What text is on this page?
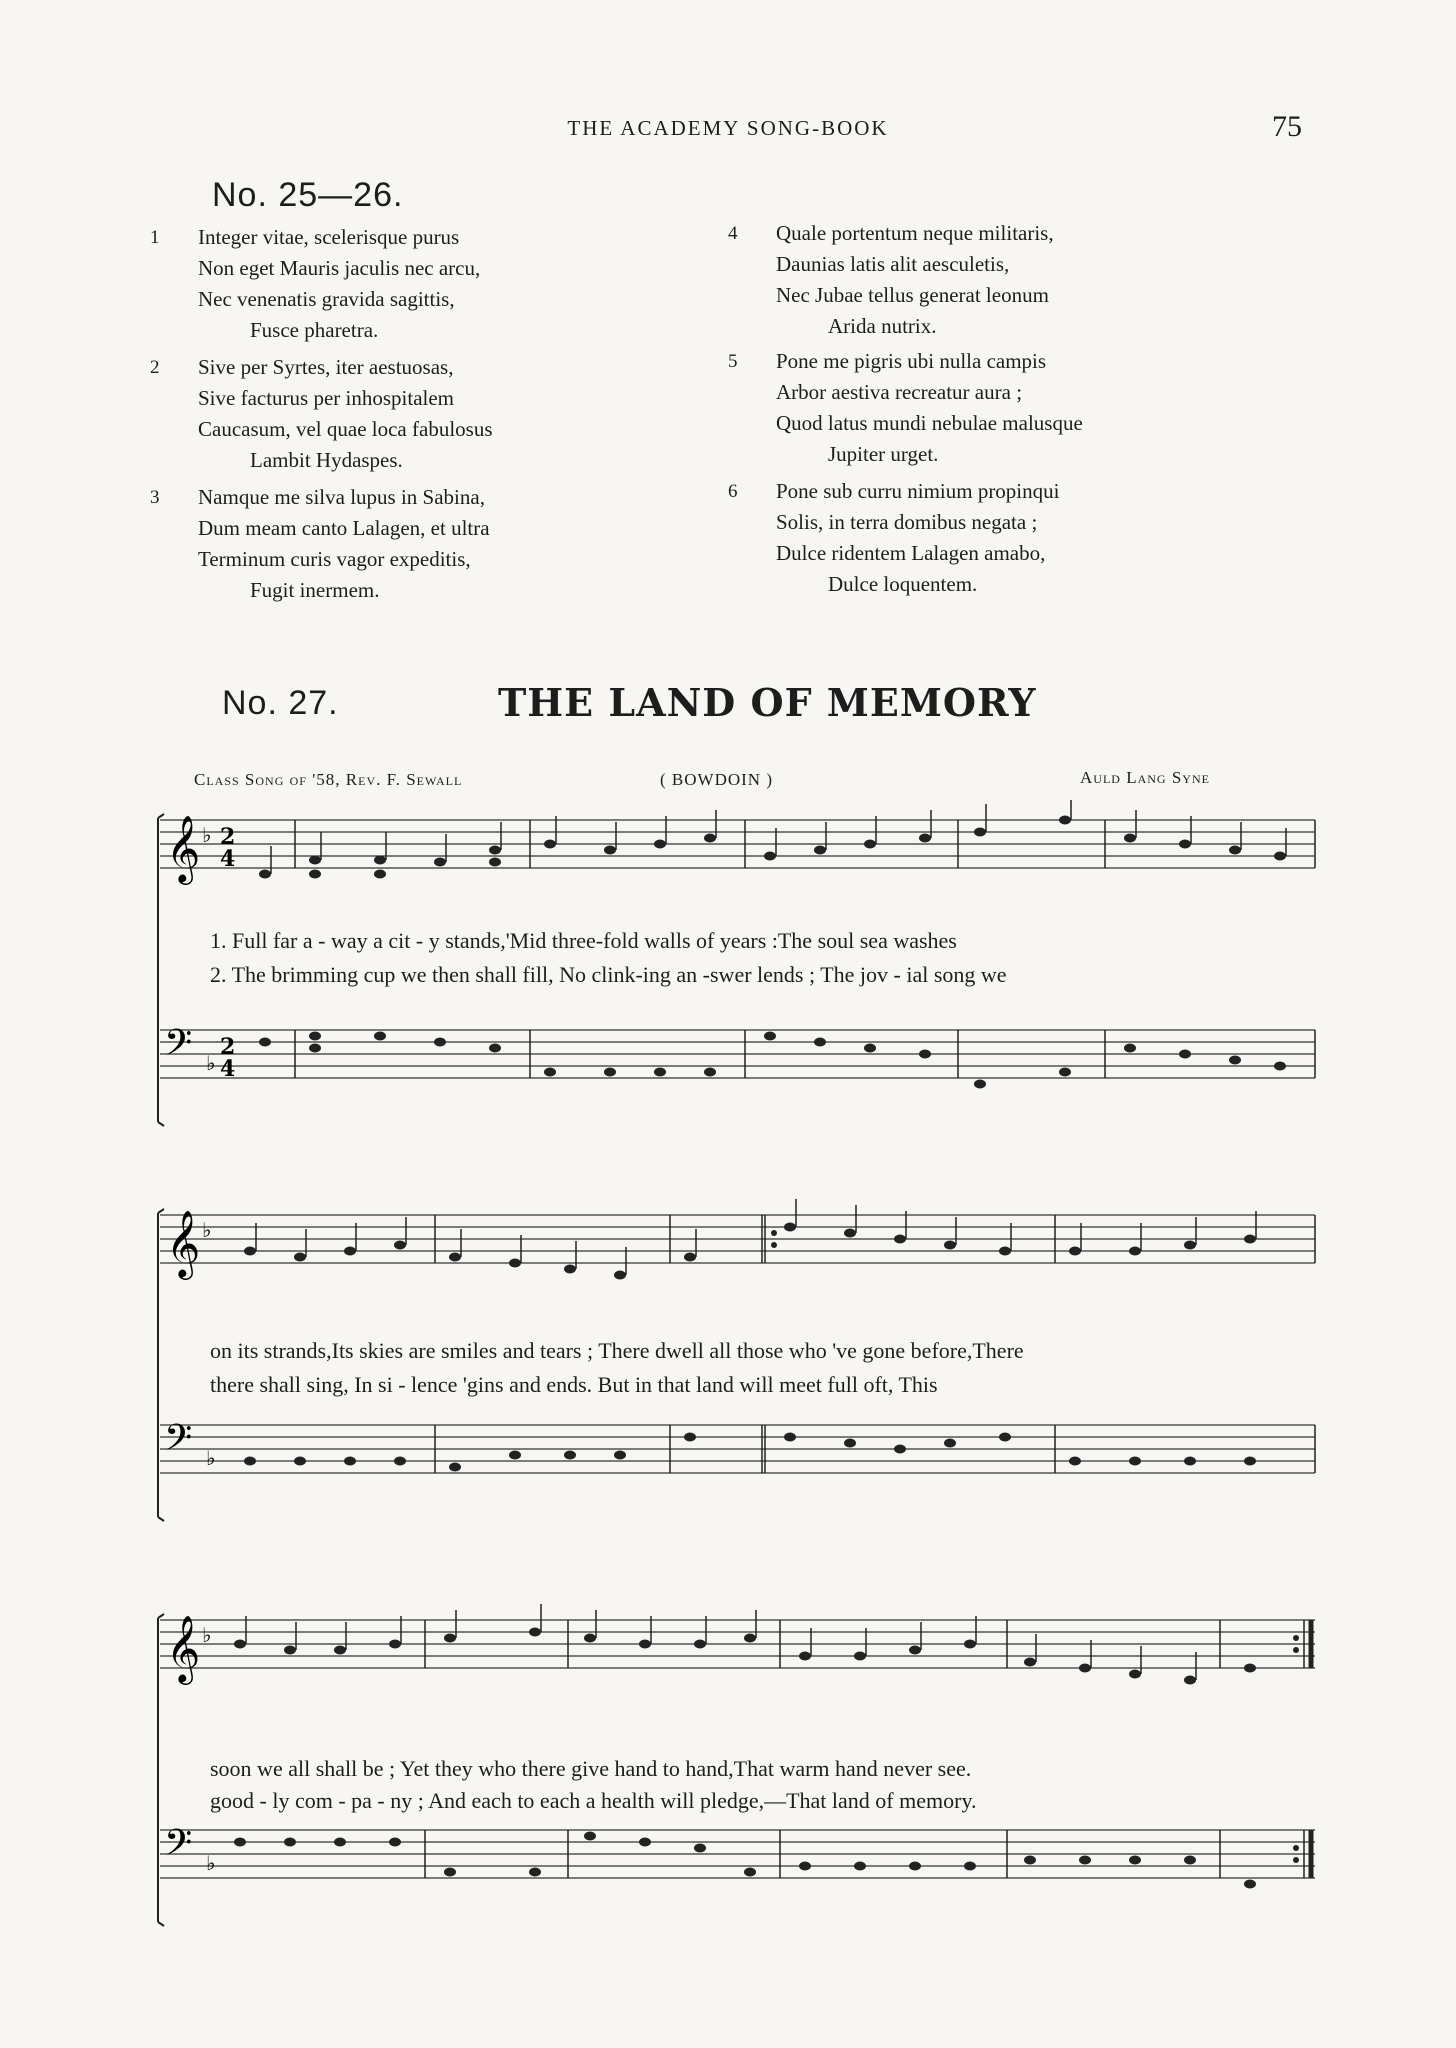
THE ACADEMY SONG-BOOK	75
No. 25—26.
1 Integer vitae, scelerisque purus
Non eget Mauris jaculis nec arcu,
Nec venenatis gravida sagittis,
Fusce pharetra.
2 Sive per Syrtes, iter aestuosas,
Sive facturus per inhospitalem
Caucasum, vel quae loca fabulosus
Lambit Hydaspes.
3 Namque me silva lupus in Sabina,
Dum meam canto Lalagen, et ultra
Terminum curis vagor expeditis,
Fugit inermem.
4 Quale portentum neque militaris,
Daunias latis alit aesculetis,
Nec Jubae tellus generat leonum
Arida nutrix.
5 Pone me pigris ubi nulla campis
Arbor aestiva recreatur aura ;
Quod latus mundi nebulae malusque
Jupiter urget.
6 Pone sub curru nimium propinqui
Solis, in terra domibus negata ;
Dulce ridentem Lalagen amabo,
Dulce loquentem.
No. 27.	THE LAND OF MEMORY
Class Song of '58, Rev. F. Sewall	( BOWDOIN )	Auld Lang Syne
𝄞 ♭ 2
4
𝄢 ♭
2
4
1. Full far a - way a cit - y stands,'Mid three-fold walls of years :The soul sea washes
2. The brimming cup we then shall fill, No clink-ing an -swer lends ; The jov - ial song we
𝄞 ♭
𝄢 ♭
on its strands,Its skies are smiles and tears ; There dwell all those who 've gone before,There
there shall sing, In si - lence 'gins and ends. But in that land will meet full oft, This
𝄞 ♭
𝄢 ♭
soon we all shall be ; Yet they who there give hand to hand,That warm hand never see.
good - ly com - pa - ny ; And each to each a health will pledge,—That land of memory.
